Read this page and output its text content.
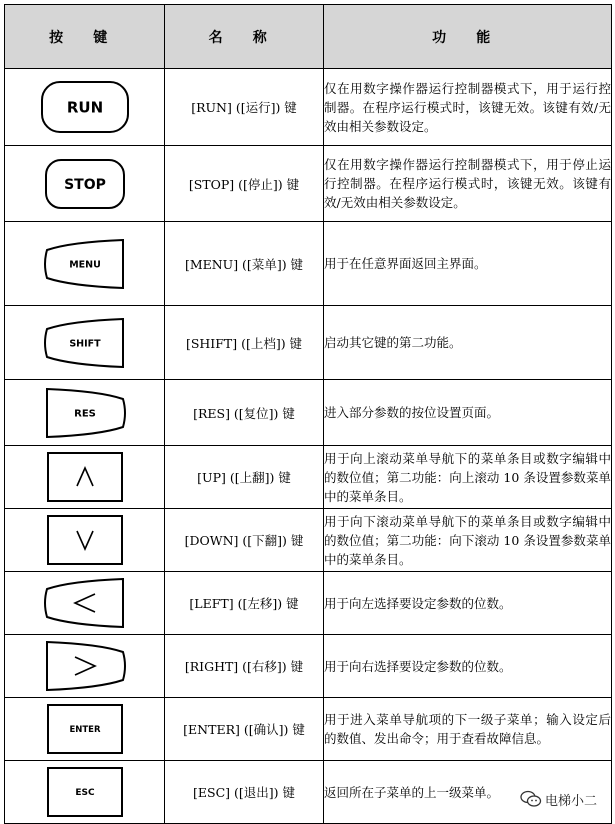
按 键	名 称	功 能

RUN	[RUN] ([运行]) 键	仅在用数字操作器运行控制器模式下，用于运行控制器。在程序运行模式时，该键无效。该键有效/无效由相关参数设定。

STOP	[STOP] ([停止]) 键	仅在用数字操作器运行控制器模式下，用于停止运行控制器。在程序运行模式时，该键无效。该键有效/无效由相关参数设定。

MENU	[MENU] ([菜单]) 键	用于在任意界面返回主界面。

SHIFT	[SHIFT] ([上档]) 键	启动其它键的第二功能。

RES	[RES] ([复位]) 键	进入部分参数的按位设置页面。

∧	[UP] ([上翻]) 键	用于向上滚动菜单导航下的菜单条目或数字编辑中的数位值；第二功能：向上滚动 10 条设置参数菜单中的菜单条目。

∨	[DOWN] ([下翻]) 键	用于向下滚动菜单导航下的菜单条目或数字编辑中的数位值；第二功能：向下滚动 10 条设置参数菜单中的菜单条目。

<	[LEFT] ([左移]) 键	用于向左选择要设定参数的位数。

>	[RIGHT] ([右移]) 键	用于向右选择要设定参数的位数。

ENTER	[ENTER] ([确认]) 键	用于进入菜单导航项的下一级子菜单；输入设定后的数值、发出命令；用于查看故障信息。

ESC	[ESC] ([退出]) 键	返回所在子菜单的上一级菜单。
电梯小二
